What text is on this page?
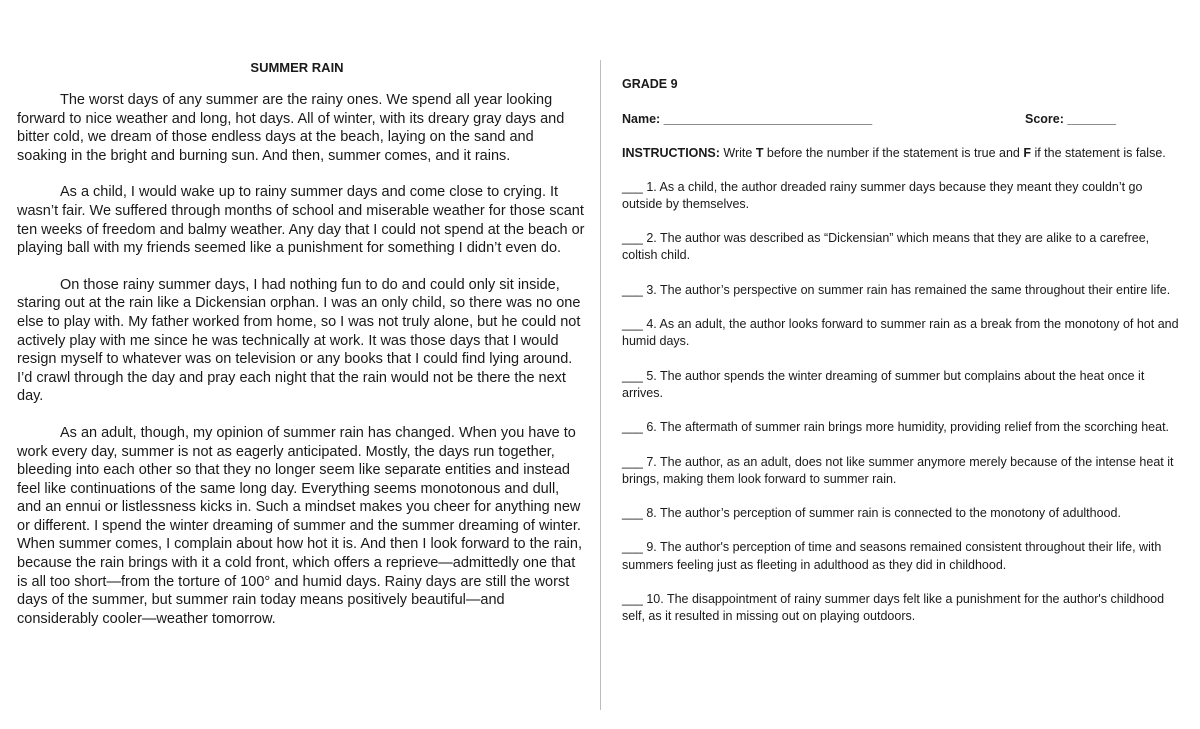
SUMMER RAIN

The worst days of any summer are the rainy ones. We spend all year looking forward to nice weather and long, hot days. All of winter, with its dreary gray days and bitter cold, we dream of those endless days at the beach, laying on the sand and soaking in the bright and burning sun. And then, summer comes, and it rains.

As a child, I would wake up to rainy summer days and come close to crying. It wasn’t fair. We suffered through months of school and miserable weather for those scant ten weeks of freedom and balmy weather. Any day that I could not spend at the beach or playing ball with my friends seemed like a punishment for something I didn’t even do.

On those rainy summer days, I had nothing fun to do and could only sit inside, staring out at the rain like a Dickensian orphan. I was an only child, so there was no one else to play with. My father worked from home, so I was not truly alone, but he could not actively play with me since he was technically at work. It was those days that I would resign myself to whatever was on television or any books that I could find lying around. I’d crawl through the day and pray each night that the rain would not be there the next day.

As an adult, though, my opinion of summer rain has changed. When you have to work every day, summer is not as eagerly anticipated. Mostly, the days run together, bleeding into each other so that they no longer seem like separate entities and instead feel like continuations of the same long day. Everything seems monotonous and dull, and an ennui or listlessness kicks in. Such a mindset makes you cheer for anything new or different. I spend the winter dreaming of summer and the summer dreaming of winter. When summer comes, I complain about how hot it is. And then I look forward to the rain, because the rain brings with it a cold front, which offers a reprieve—admittedly one that is all too short—from the torture of 100° and humid days. Rainy days are still the worst days of the summer, but summer rain today means positively beautiful—and considerably cooler—weather tomorrow.

GRADE 9
Name: ______________________________	Score: _______
INSTRUCTIONS: Write T before the number if the statement is true and F if the statement is false.
___ 1. As a child, the author dreaded rainy summer days because they meant they couldn’t go outside by themselves.
___ 2. The author was described as “Dickensian” which means that they are alike to a carefree, coltish child.
___ 3. The author’s perspective on summer rain has remained the same throughout their entire life.
___ 4. As an adult, the author looks forward to summer rain as a break from the monotony of hot and humid days.
___ 5. The author spends the winter dreaming of summer but complains about the heat once it arrives.
___ 6. The aftermath of summer rain brings more humidity, providing relief from the scorching heat.
___ 7. The author, as an adult, does not like summer anymore merely because of the intense heat it brings, making them look forward to summer rain.
___ 8. The author’s perception of summer rain is connected to the monotony of adulthood.
___ 9. The author's perception of time and seasons remained consistent throughout their life, with summers feeling just as fleeting in adulthood as they did in childhood.
___ 10. The disappointment of rainy summer days felt like a punishment for the author's childhood self, as it resulted in missing out on playing outdoors.
